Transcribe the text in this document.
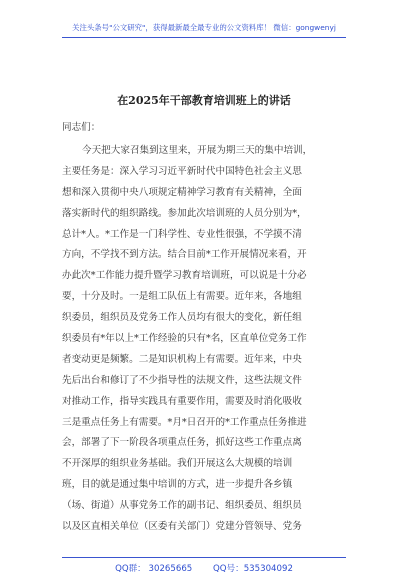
关注头条号"公文研究"，获得最新最全最专业的公文资料库！ 微信：gongwenyj
在2025年干部教育培训班上的讲话
同志们：
今天把大家召集到这里来，开展为期三天的集中培训，
主要任务是：深入学习习近平新时代中国特色社会主义思
想和深入贯彻中央八项规定精神学习教育有关精神，全面
落实新时代的组织路线。参加此次培训班的人员分别为*，
总计*人。*工作是一门科学性、专业性很强，不学摸不清
方向，不学找不到方法。结合目前*工作开展情况来看，开
办此次*工作能力提升暨学习教育培训班，可以说是十分必
要，十分及时。一是组工队伍上有需要。近年来，各地组
织委员，组织员及党务工作人员均有很大的变化，新任组
织委员有*年以上*工作经验的只有*名，区直单位党务工作
者变动更是频繁。二是知识机构上有需要。近年来，中央
先后出台和修订了不少指导性的法规文件，这些法规文件
对推动工作，指导实践具有重要作用，需要及时消化吸收
三是重点任务上有需要。*月*日召开的*工作重点任务推进
会，部署了下一阶段各项重点任务，抓好这些工作重点离
不开深厚的组织业务基础。我们开展这么大规模的培训
班，目的就是通过集中培训的方式，进一步提升各乡镇
（场、街道）从事党务工作的副书记、组织委员、组织员
以及区直相关单位（区委有关部门）党建分管领导、党务
QQ群： 30265665 QQ号：535304092
